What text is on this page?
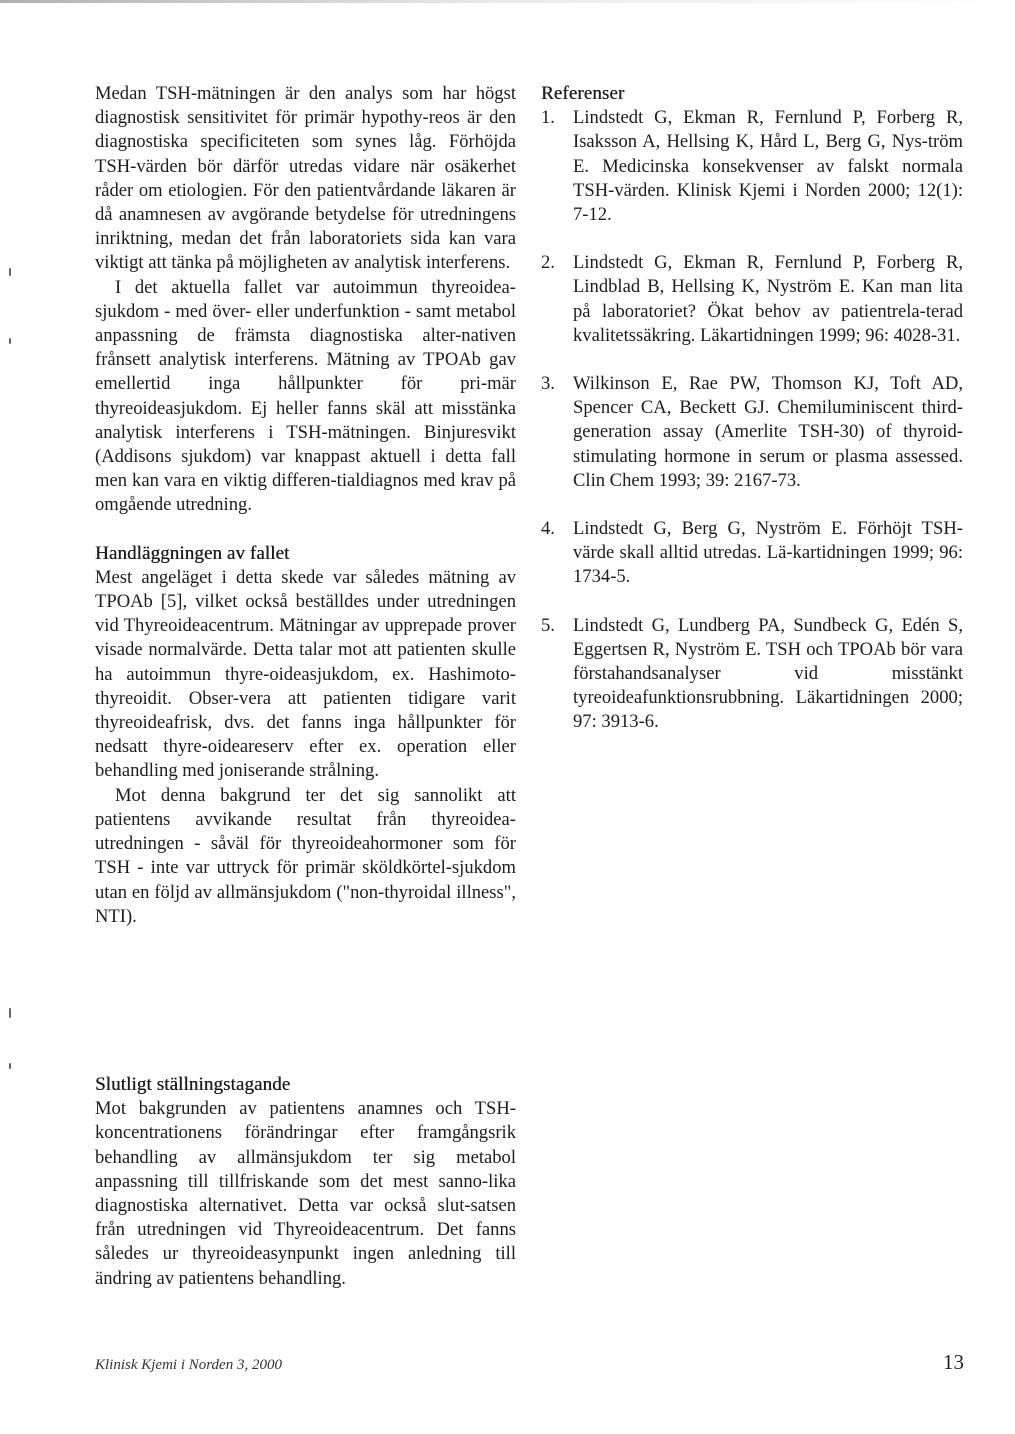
Medan TSH-mätningen är den analys som har högst diagnostisk sensitivitet för primär hypothy-reos är den diagnostiska specificiteten som synes låg. Förhöjda TSH-värden bör därför utredas vidare när osäkerhet råder om etiologien. För den patientvårdande läkaren är då anamnesen av avgörande betydelse för utredningens inriktning, medan det från laboratoriets sida kan vara viktigt att tänka på möjligheten av analytisk interferens.

I det aktuella fallet var autoimmun thyreoidea-sjukdom - med över- eller underfunktion - samt metabol anpassning de främsta diagnostiska alter-nativen frånsett analytisk interferens. Mätning av TPOAb gav emellertid inga hållpunkter för pri-mär thyreoideasjukdom. Ej heller fanns skäl att misstänka analytisk interferens i TSH-mätningen. Binjuresvikt (Addisons sjukdom) var knappast aktuell i detta fall men kan vara en viktig differen-tialdiagnos med krav på omgående utredning.

Handläggningen av fallet

Mest angeläget i detta skede var således mätning av TPOAb [5], vilket också beställdes under utredningen vid Thyreoideacentrum. Mätningar av upprepade prover visade normalvärde. Detta talar mot att patienten skulle ha autoimmun thyre-oideasjukdom, ex. Hashimoto-thyreoidit. Obser-vera att patienten tidigare varit thyreoideafrisk, dvs. det fanns inga hållpunkter för nedsatt thyre-oideareserv efter ex. operation eller behandling med joniserande strålning.

Mot denna bakgrund ter det sig sannolikt att patientens avvikande resultat från thyreoidea-utredningen - såväl för thyreoideahormoner som för TSH - inte var uttryck för primär sköldkörtel-sjukdom utan en följd av allmänsjukdom ("non-thyroidal illness", NTI).

Slutligt ställningstagande

Mot bakgrunden av patientens anamnes och TSH-koncentrationens förändringar efter framgångsrik behandling av allmänsjukdom ter sig metabol anpassning till tillfriskande som det mest sanno-lika diagnostiska alternativet. Detta var också slut-satsen från utredningen vid Thyreoideacentrum. Det fanns således ur thyreoideasynpunkt ingen anledning till ändring av patientens behandling.

Referenser
1. Lindstedt G, Ekman R, Fernlund P, Forberg R, Isaksson A, Hellsing K, Hård L, Berg G, Nys-tröm E. Medicinska konsekvenser av falskt normala TSH-värden. Klinisk Kjemi i Norden 2000; 12(1): 7-12.
2. Lindstedt G, Ekman R, Fernlund P, Forberg R, Lindblad B, Hellsing K, Nyström E. Kan man lita på laboratoriet? Ökat behov av patientrela-terad kvalitetssäkring. Läkartidningen 1999; 96: 4028-31.
3. Wilkinson E, Rae PW, Thomson KJ, Toft AD, Spencer CA, Beckett GJ. Chemiluminiscent third-generation assay (Amerlite TSH-30) of thyroid-stimulating hormone in serum or plasma assessed. Clin Chem 1993; 39: 2167-73.
4. Lindstedt G, Berg G, Nyström E. Förhöjt TSH-värde skall alltid utredas. Lä-kartidningen 1999; 96: 1734-5.
5. Lindstedt G, Lundberg PA, Sundbeck G, Edén S, Eggertsen R, Nyström E. TSH och TPOAb bör vara förstahandsanalyser vid misstänkt tyreoideafunktionsrubbning. Läkartidningen 2000; 97: 3913-6.
Klinisk Kjemi i Norden 3, 2000	13
